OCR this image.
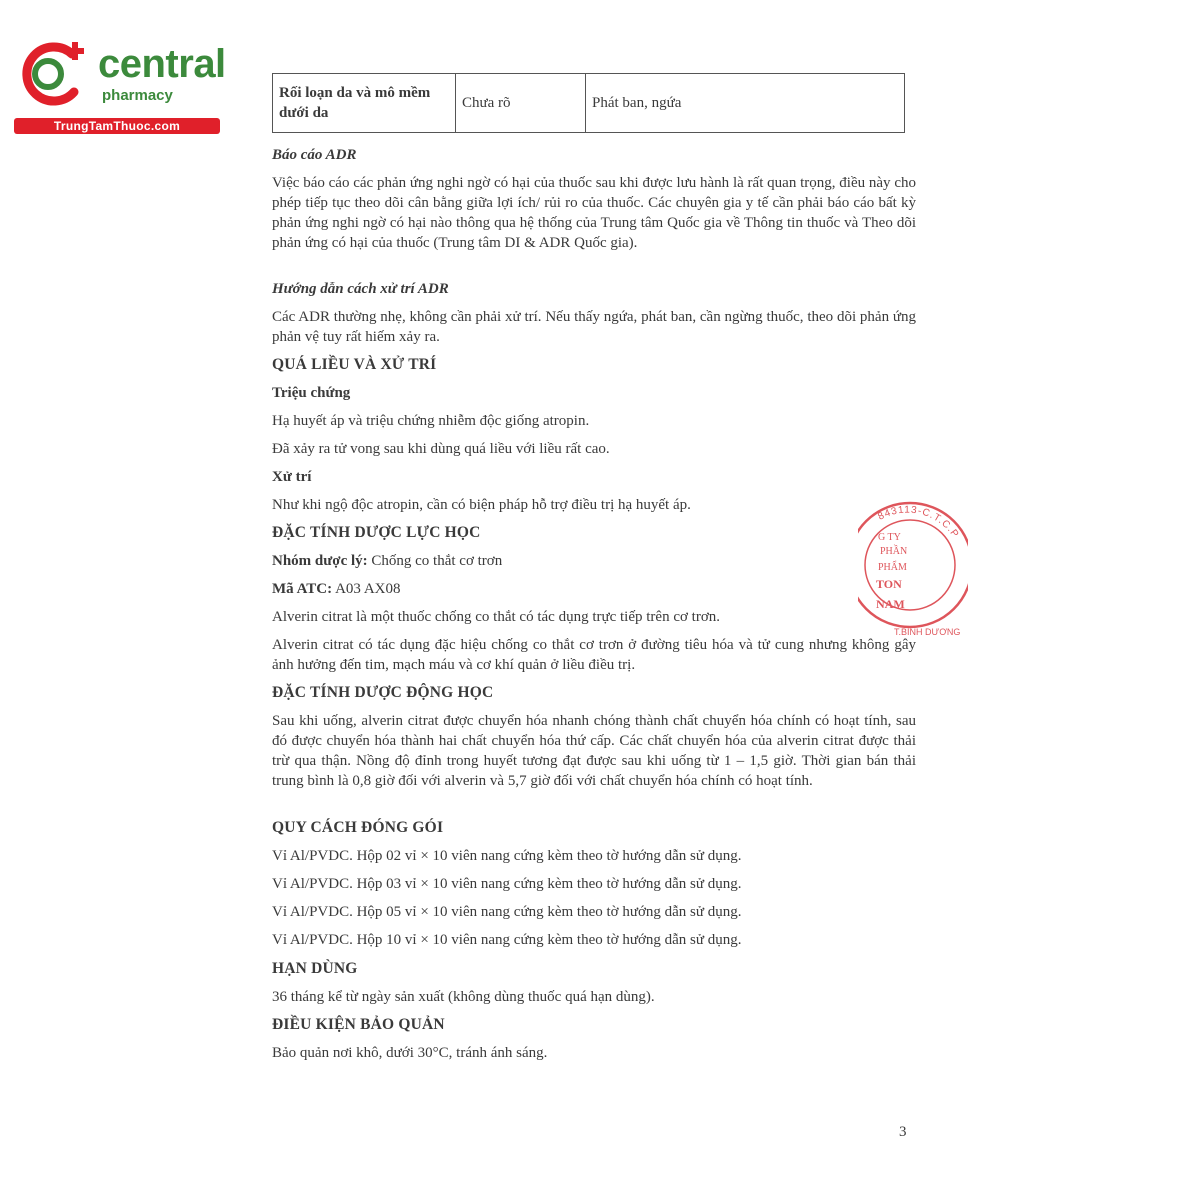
central
pharmacy
TrungTamThuoc.com
Rối loạn da và mô mềm dưới da	Chưa rõ	Phát ban, ngứa

Báo cáo ADR

Việc báo cáo các phản ứng nghi ngờ có hại của thuốc sau khi được lưu hành là rất quan trọng, điều này cho phép tiếp tục theo dõi cân bằng giữa lợi ích/ rủi ro của thuốc. Các chuyên gia y tế cần phải báo cáo bất kỳ phản ứng nghi ngờ có hại nào thông qua hệ thống của Trung tâm Quốc gia về Thông tin thuốc và Theo dõi phản ứng có hại của thuốc (Trung tâm DI & ADR Quốc gia).

Hướng dẫn cách xử trí ADR

Các ADR thường nhẹ, không cần phải xử trí. Nếu thấy ngứa, phát ban, cần ngừng thuốc, theo dõi phản ứng phản vệ tuy rất hiếm xảy ra.

QUÁ LIỀU VÀ XỬ TRÍ

Triệu chứng

Hạ huyết áp và triệu chứng nhiễm độc giống atropin.

Đã xảy ra tử vong sau khi dùng quá liều với liều rất cao.

Xử trí

Như khi ngộ độc atropin, cần có biện pháp hỗ trợ điều trị hạ huyết áp.

ĐẶC TÍNH DƯỢC LỰC HỌC

Nhóm dược lý: Chống co thắt cơ trơn

Mã ATC: A03 AX08

Alverin citrat là một thuốc chống co thắt có tác dụng trực tiếp trên cơ trơn.

Alverin citrat có tác dụng đặc hiệu chống co thắt cơ trơn ở đường tiêu hóa và tử cung nhưng không gây ảnh hưởng đến tim, mạch máu và cơ khí quản ở liều điều trị.

ĐẶC TÍNH DƯỢC ĐỘNG HỌC

Sau khi uống, alverin citrat được chuyển hóa nhanh chóng thành chất chuyển hóa chính có hoạt tính, sau đó được chuyển hóa thành hai chất chuyển hóa thứ cấp. Các chất chuyển hóa của alverin citrat được thải trừ qua thận. Nồng độ đỉnh trong huyết tương đạt được sau khi uống từ 1 – 1,5 giờ. Thời gian bán thải trung bình là 0,8 giờ đối với alverin và 5,7 giờ đối với chất chuyển hóa chính có hoạt tính.

QUY CÁCH ĐÓNG GÓI

Vỉ Al/PVDC. Hộp 02 vỉ × 10 viên nang cứng kèm theo tờ hướng dẫn sử dụng.

Vỉ Al/PVDC. Hộp 03 vỉ × 10 viên nang cứng kèm theo tờ hướng dẫn sử dụng.

Vỉ Al/PVDC. Hộp 05 vỉ × 10 viên nang cứng kèm theo tờ hướng dẫn sử dụng.

Vỉ Al/PVDC. Hộp 10 vỉ × 10 viên nang cứng kèm theo tờ hướng dẫn sử dụng.

HẠN DÙNG

36 tháng kể từ ngày sản xuất (không dùng thuốc quá hạn dùng).

ĐIỀU KIỆN BẢO QUẢN

Bảo quản nơi khô, dưới 30°C, tránh ánh sáng.

843113-C.T.C.P
G TY
PHẦN
PHẨM
TON
NAM
T.BÌNH DƯƠNG
3
